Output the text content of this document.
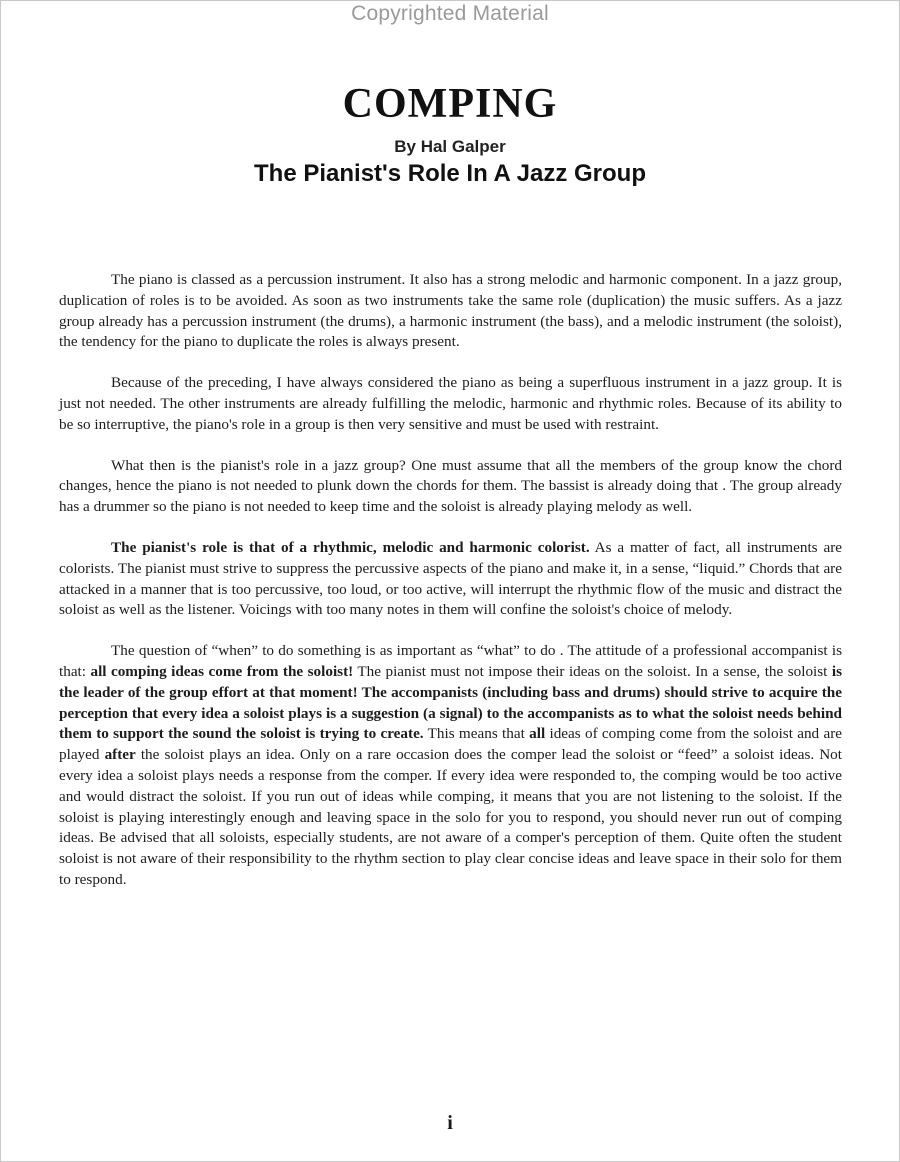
Copyrighted Material
COMPING
By Hal Galper
The Pianist's Role In A Jazz Group

The piano is classed as a percussion instrument. It also has a strong melodic and harmonic component. In a jazz group, duplication of roles is to be avoided. As soon as two instruments take the same role (duplication) the music suffers. As a jazz group already has a percussion instrument (the drums), a harmonic instrument (the bass), and a melodic instrument (the soloist), the tendency for the piano to duplicate the roles is always present.

Because of the preceding, I have always considered the piano as being a superfluous instrument in a jazz group. It is just not needed. The other instruments are already fulfilling the melodic, harmonic and rhythmic roles. Because of its ability to be so interruptive, the piano's role in a group is then very sensitive and must be used with restraint.

What then is the pianist's role in a jazz group? One must assume that all the members of the group know the chord changes, hence the piano is not needed to plunk down the chords for them. The bassist is already doing that . The group already has a drummer so the piano is not needed to keep time and the soloist is already playing melody as well.

The pianist's role is that of a rhythmic, melodic and harmonic colorist. As a matter of fact, all instruments are colorists. The pianist must strive to suppress the percussive aspects of the piano and make it, in a sense, “liquid.” Chords that are attacked in a manner that is too percussive, too loud, or too active, will interrupt the rhythmic flow of the music and distract the soloist as well as the listener. Voicings with too many notes in them will confine the soloist's choice of melody.

The question of “when” to do something is as important as “what” to do . The attitude of a professional accompanist is that: all comping ideas come from the soloist! The pianist must not impose their ideas on the soloist. In a sense, the soloist is the leader of the group effort at that moment! The accompanists (including bass and drums) should strive to acquire the perception that every idea a soloist plays is a suggestion (a signal) to the accompanists as to what the soloist needs behind them to support the sound the soloist is trying to create. This means that all ideas of comping come from the soloist and are played after the soloist plays an idea. Only on a rare occasion does the comper lead the soloist or “feed” a soloist ideas. Not every idea a soloist plays needs a response from the comper. If every idea were responded to, the comping would be too active and would distract the soloist. If you run out of ideas while comping, it means that you are not listening to the soloist. If the soloist is playing interestingly enough and leaving space in the solo for you to respond, you should never run out of comping ideas. Be advised that all soloists, especially students, are not aware of a comper's perception of them. Quite often the student soloist is not aware of their responsibility to the rhythm section to play clear concise ideas and leave space in their solo for them to respond.

i
